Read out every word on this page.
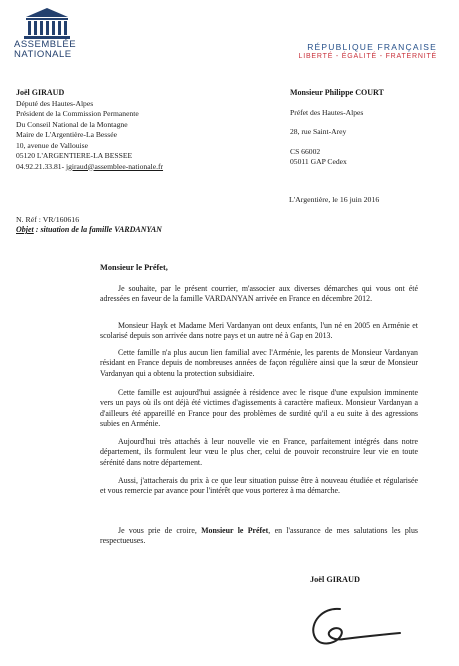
ASSEMBLÉE
NATIONALE
RÉPUBLIQUE FRANÇAISE
LIBERTÉ - ÉGALITÉ - FRATERNITÉ
Joël GIRAUD
Député des Hautes-Alpes
Président de la Commission Permanente
Du Conseil National de la Montagne
Maire de L'Argentière-La Bessée
10, avenue de Vallouise
05120 L'ARGENTIERE-LA BESSEE
04.92.21.33.81- jgiraud@assemblee-nationale.fr
Monsieur Philippe COURT
Préfet des Hautes-Alpes
28, rue Saint-Arey
CS 66002
05011 GAP Cedex
L'Argentière, le 16 juin 2016
N. Réf : VR/160616
Objet : situation de la famille VARDANYAN
Monsieur le Préfet,
Je souhaite, par le présent courrier, m'associer aux diverses démarches qui vous ont été adressées en faveur de la famille VARDANYAN arrivée en France en décembre 2012.
Monsieur Hayk et Madame Meri Vardanyan ont deux enfants, l'un né en 2005 en Arménie et scolarisé depuis son arrivée dans notre pays et un autre né à Gap en 2013.
Cette famille n'a plus aucun lien familial avec l'Arménie, les parents de Monsieur Vardanyan résidant en France depuis de nombreuses années de façon régulière ainsi que la sœur de Monsieur Vardanyan qui a obtenu la protection subsidiaire.
Cette famille est aujourd'hui assignée à résidence avec le risque d'une expulsion imminente vers un pays où ils ont déjà été victimes d'agissements à caractère mafieux. Monsieur Vardanyan a d'ailleurs été appareillé en France pour des problèmes de surdité qu'il a eu suite à des agressions subies en Arménie.
Aujourd'hui très attachés à leur nouvelle vie en France, parfaitement intégrés dans notre département, ils formulent leur vœu le plus cher, celui de pouvoir reconstruire leur vie en toute sérénité dans notre département.
Aussi, j'attacherais du prix à ce que leur situation puisse être à nouveau étudiée et régularisée et vous remercie par avance pour l'intérêt que vous porterez à ma démarche.
Je vous prie de croire, Monsieur le Préfet, en l'assurance de mes salutations les plus respectueuses.
Joël GIRAUD
